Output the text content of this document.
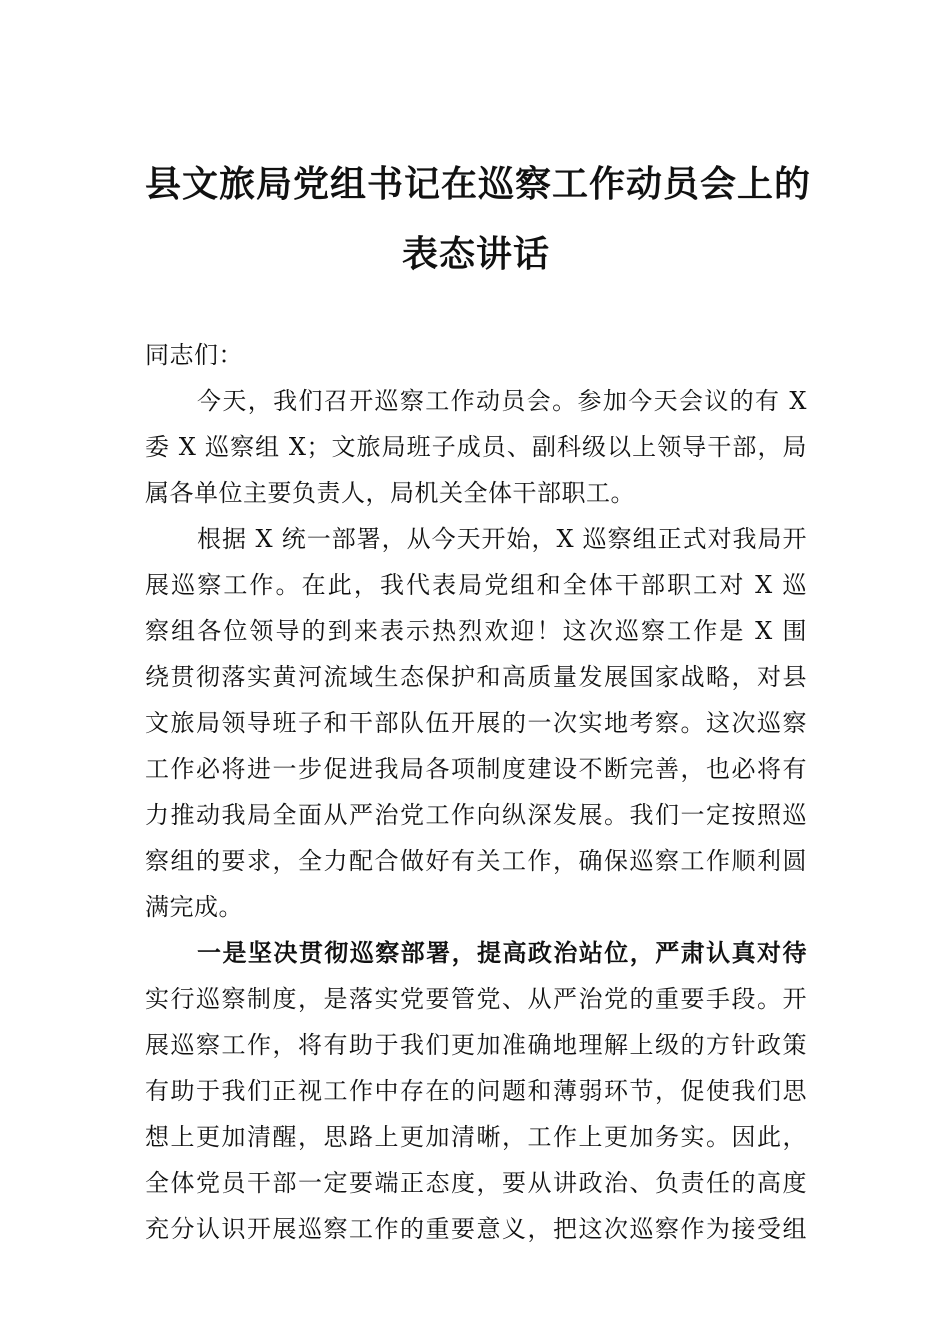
县文旅局党组书记在巡察工作动员会上的
表态讲话
同志们：
今天，我们召开巡察工作动员会。参加今天会议的有 X
委 X 巡察组 X；文旅局班子成员、副科级以上领导干部，局
属各单位主要负责人，局机关全体干部职工。
根据 X 统一部署，从今天开始，X 巡察组正式对我局开
展巡察工作。在此，我代表局党组和全体干部职工对 X 巡
察组各位领导的到来表示热烈欢迎！这次巡察工作是 X 围
绕贯彻落实黄河流域生态保护和高质量发展国家战略，对县
文旅局领导班子和干部队伍开展的一次实地考察。这次巡察
工作必将进一步促进我局各项制度建设不断完善，也必将有
力推动我局全面从严治党工作向纵深发展。我们一定按照巡
察组的要求，全力配合做好有关工作，确保巡察工作顺利圆
满完成。
一是坚决贯彻巡察部署，提高政治站位，严肃认真对待
实行巡察制度，是落实党要管党、从严治党的重要手段。开
展巡察工作，将有助于我们更加准确地理解上级的方针政策
有助于我们正视工作中存在的问题和薄弱环节，促使我们思
想上更加清醒，思路上更加清晰，工作上更加务实。因此，
全体党员干部一定要端正态度，要从讲政治、负责任的高度
充分认识开展巡察工作的重要意义，把这次巡察作为接受组
